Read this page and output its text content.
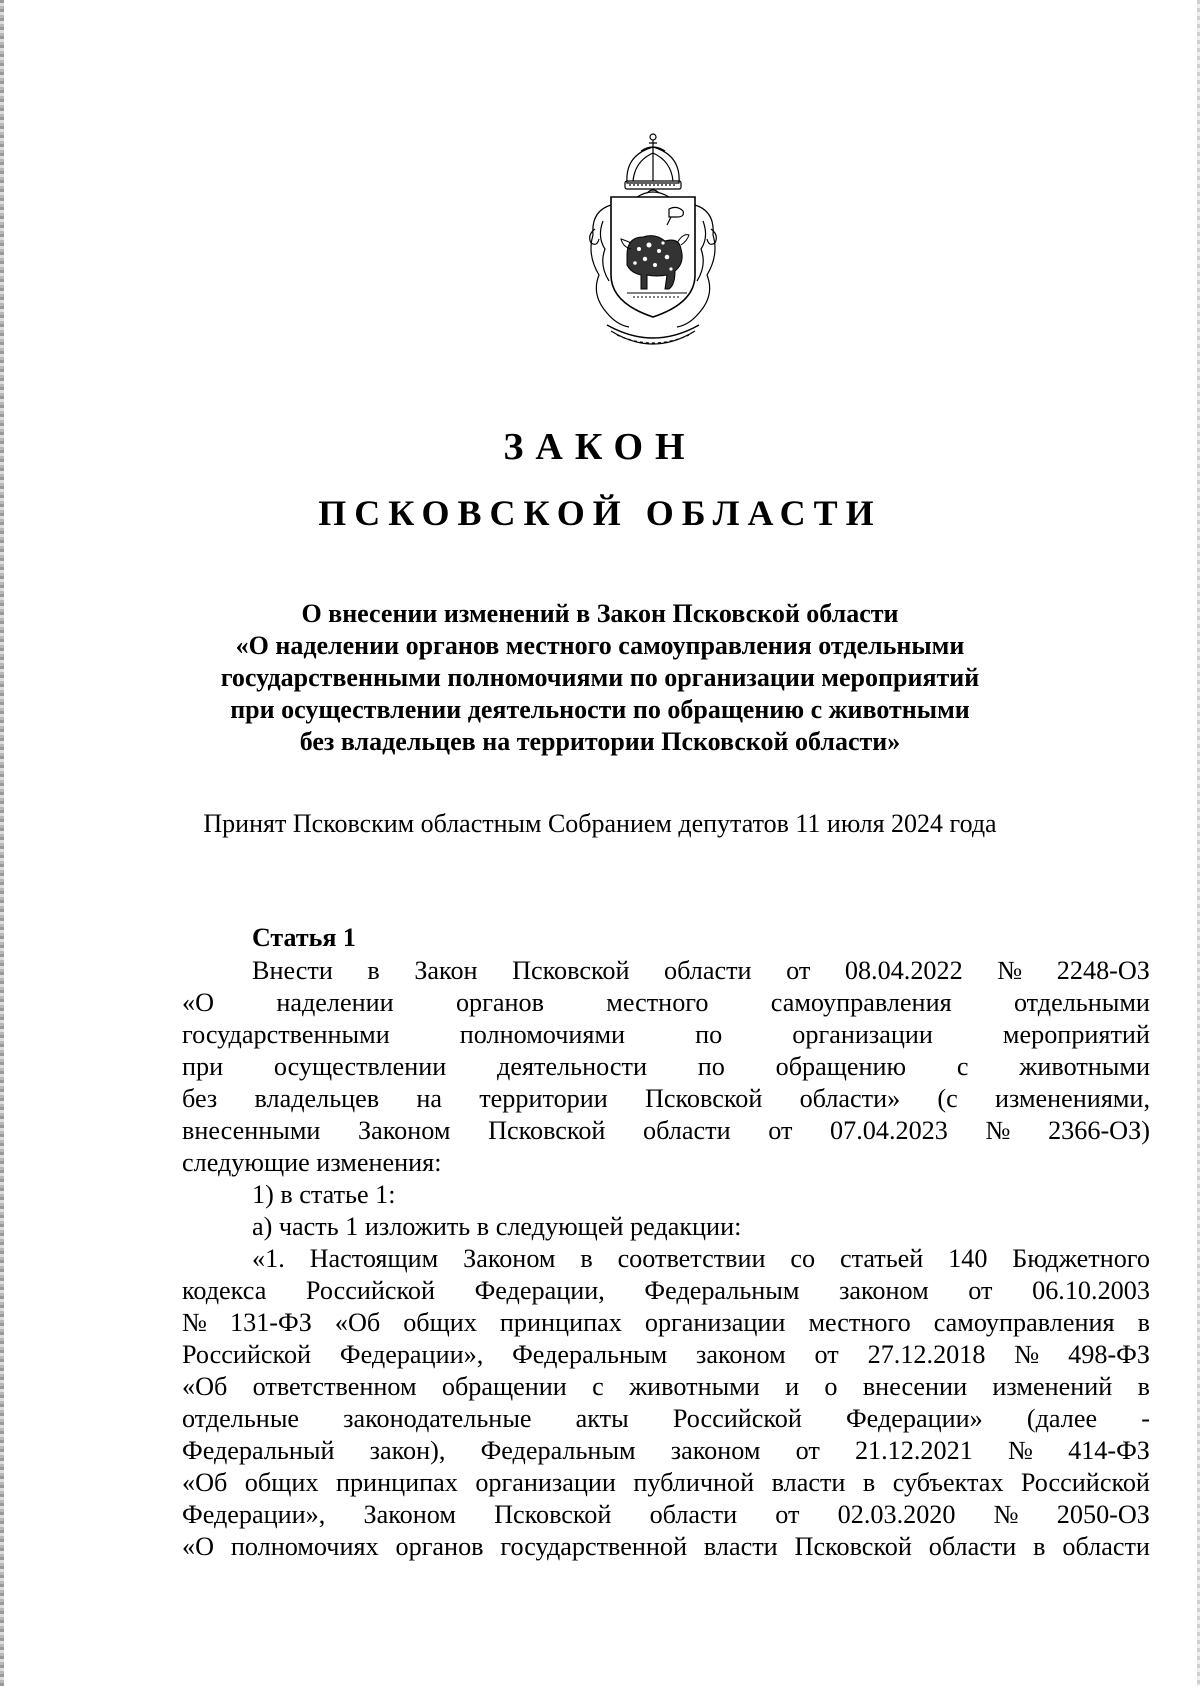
ЗАКОН
ПСКОВСКОЙ ОБЛАСТИ
О внесении изменений в Закон Псковской области
«О наделении органов местного самоуправления отдельными
государственными полномочиями по организации мероприятий
при осуществлении деятельности по обращению с животными
без владельцев на территории Псковской области»
Принят Псковским областным Собранием депутатов 11 июля 2024 года
Статья 1
Внести в Закон Псковской области от 08.04.2022 № 2248-ОЗ
«О наделении органов местного самоуправления отдельными
государственными	полномочиями	по	организации	мероприятий
при осуществлении деятельности по обращению с животными
без владельцев на территории Псковской области» (с изменениями,
внесенными Законом Псковской области от 07.04.2023 № 2366-ОЗ)
следующие изменения:
1) в статье 1:
а) часть 1 изложить в следующей редакции:
«1. Настоящим Законом в соответствии со статьей 140 Бюджетного
кодекса Российской Федерации, Федеральным законом от 06.10.2003
№ 131-ФЗ «Об общих принципах организации местного самоуправления в
Российской Федерации», Федеральным законом от 27.12.2018 № 498-ФЗ
«Об ответственном обращении с животными и о внесении изменений в
отдельные законодательные акты Российской Федерации» (далее -
Федеральный закон), Федеральным законом от 21.12.2021 № 414-ФЗ
«Об общих принципах организации публичной власти в субъектах Российской
Федерации», Законом Псковской области от 02.03.2020 № 2050-ОЗ
«О полномочиях органов государственной власти Псковской области в области
